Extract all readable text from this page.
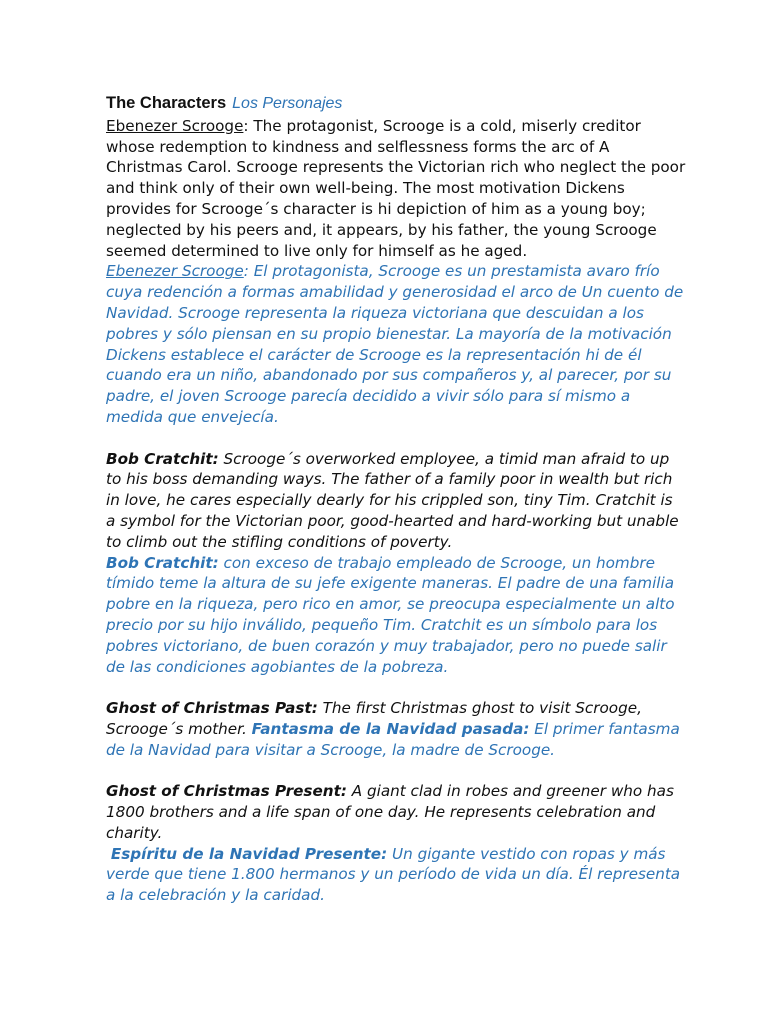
The Characters Los Personajes

Ebenezer Scrooge: The protagonist, Scrooge is a cold, miserly creditor whose redemption to kindness and selflessness forms the arc of A Christmas Carol. Scrooge represents the Victorian rich who neglect the poor and think only of their own well-being. The most motivation Dickens provides for Scrooge´s character is hi depiction of him as a young boy; neglected by his peers and, it appears, by his father, the young Scrooge seemed determined to live only for himself as he aged.

Ebenezer Scrooge: El protagonista, Scrooge es un prestamista avaro frío cuya redención a formas amabilidad y generosidad el arco de Un cuento de Navidad. Scrooge representa la riqueza victoriana que descuidan a los pobres y sólo piensan en su propio bienestar. La mayoría de la motivación Dickens establece el carácter de Scrooge es la representación hi de él cuando era un niño, abandonado por sus compañeros y, al parecer, por su padre, el joven Scrooge parecía decidido a vivir sólo para sí mismo a medida que envejecía.

Bob Cratchit: Scrooge´s overworked employee, a timid man afraid to up to his boss demanding ways. The father of a family poor in wealth but rich in love, he cares especially dearly for his crippled son, tiny Tim. Cratchit is a symbol for the Victorian poor, good-hearted and hard-working but unable to climb out the stifling conditions of poverty.

Bob Cratchit: con exceso de trabajo empleado de Scrooge, un hombre tímido teme la altura de su jefe exigente maneras. El padre de una familia pobre en la riqueza, pero rico en amor, se preocupa especialmente un alto precio por su hijo inválido, pequeño Tim. Cratchit es un símbolo para los pobres victoriano, de buen corazón y muy trabajador, pero no puede salir de las condiciones agobiantes de la pobreza.

Ghost of Christmas Past: The first Christmas ghost to visit Scrooge, Scrooge´s mother. Fantasma de la Navidad pasada: El primer fantasma de la Navidad para visitar a Scrooge, la madre de Scrooge.

Ghost of Christmas Present: A giant clad in robes and greener who has 1800 brothers and a life span of one day. He represents celebration and charity.

Espíritu de la Navidad Presente: Un gigante vestido con ropas y más verde que tiene 1.800 hermanos y un período de vida un día. Él representa a la celebración y la caridad.
